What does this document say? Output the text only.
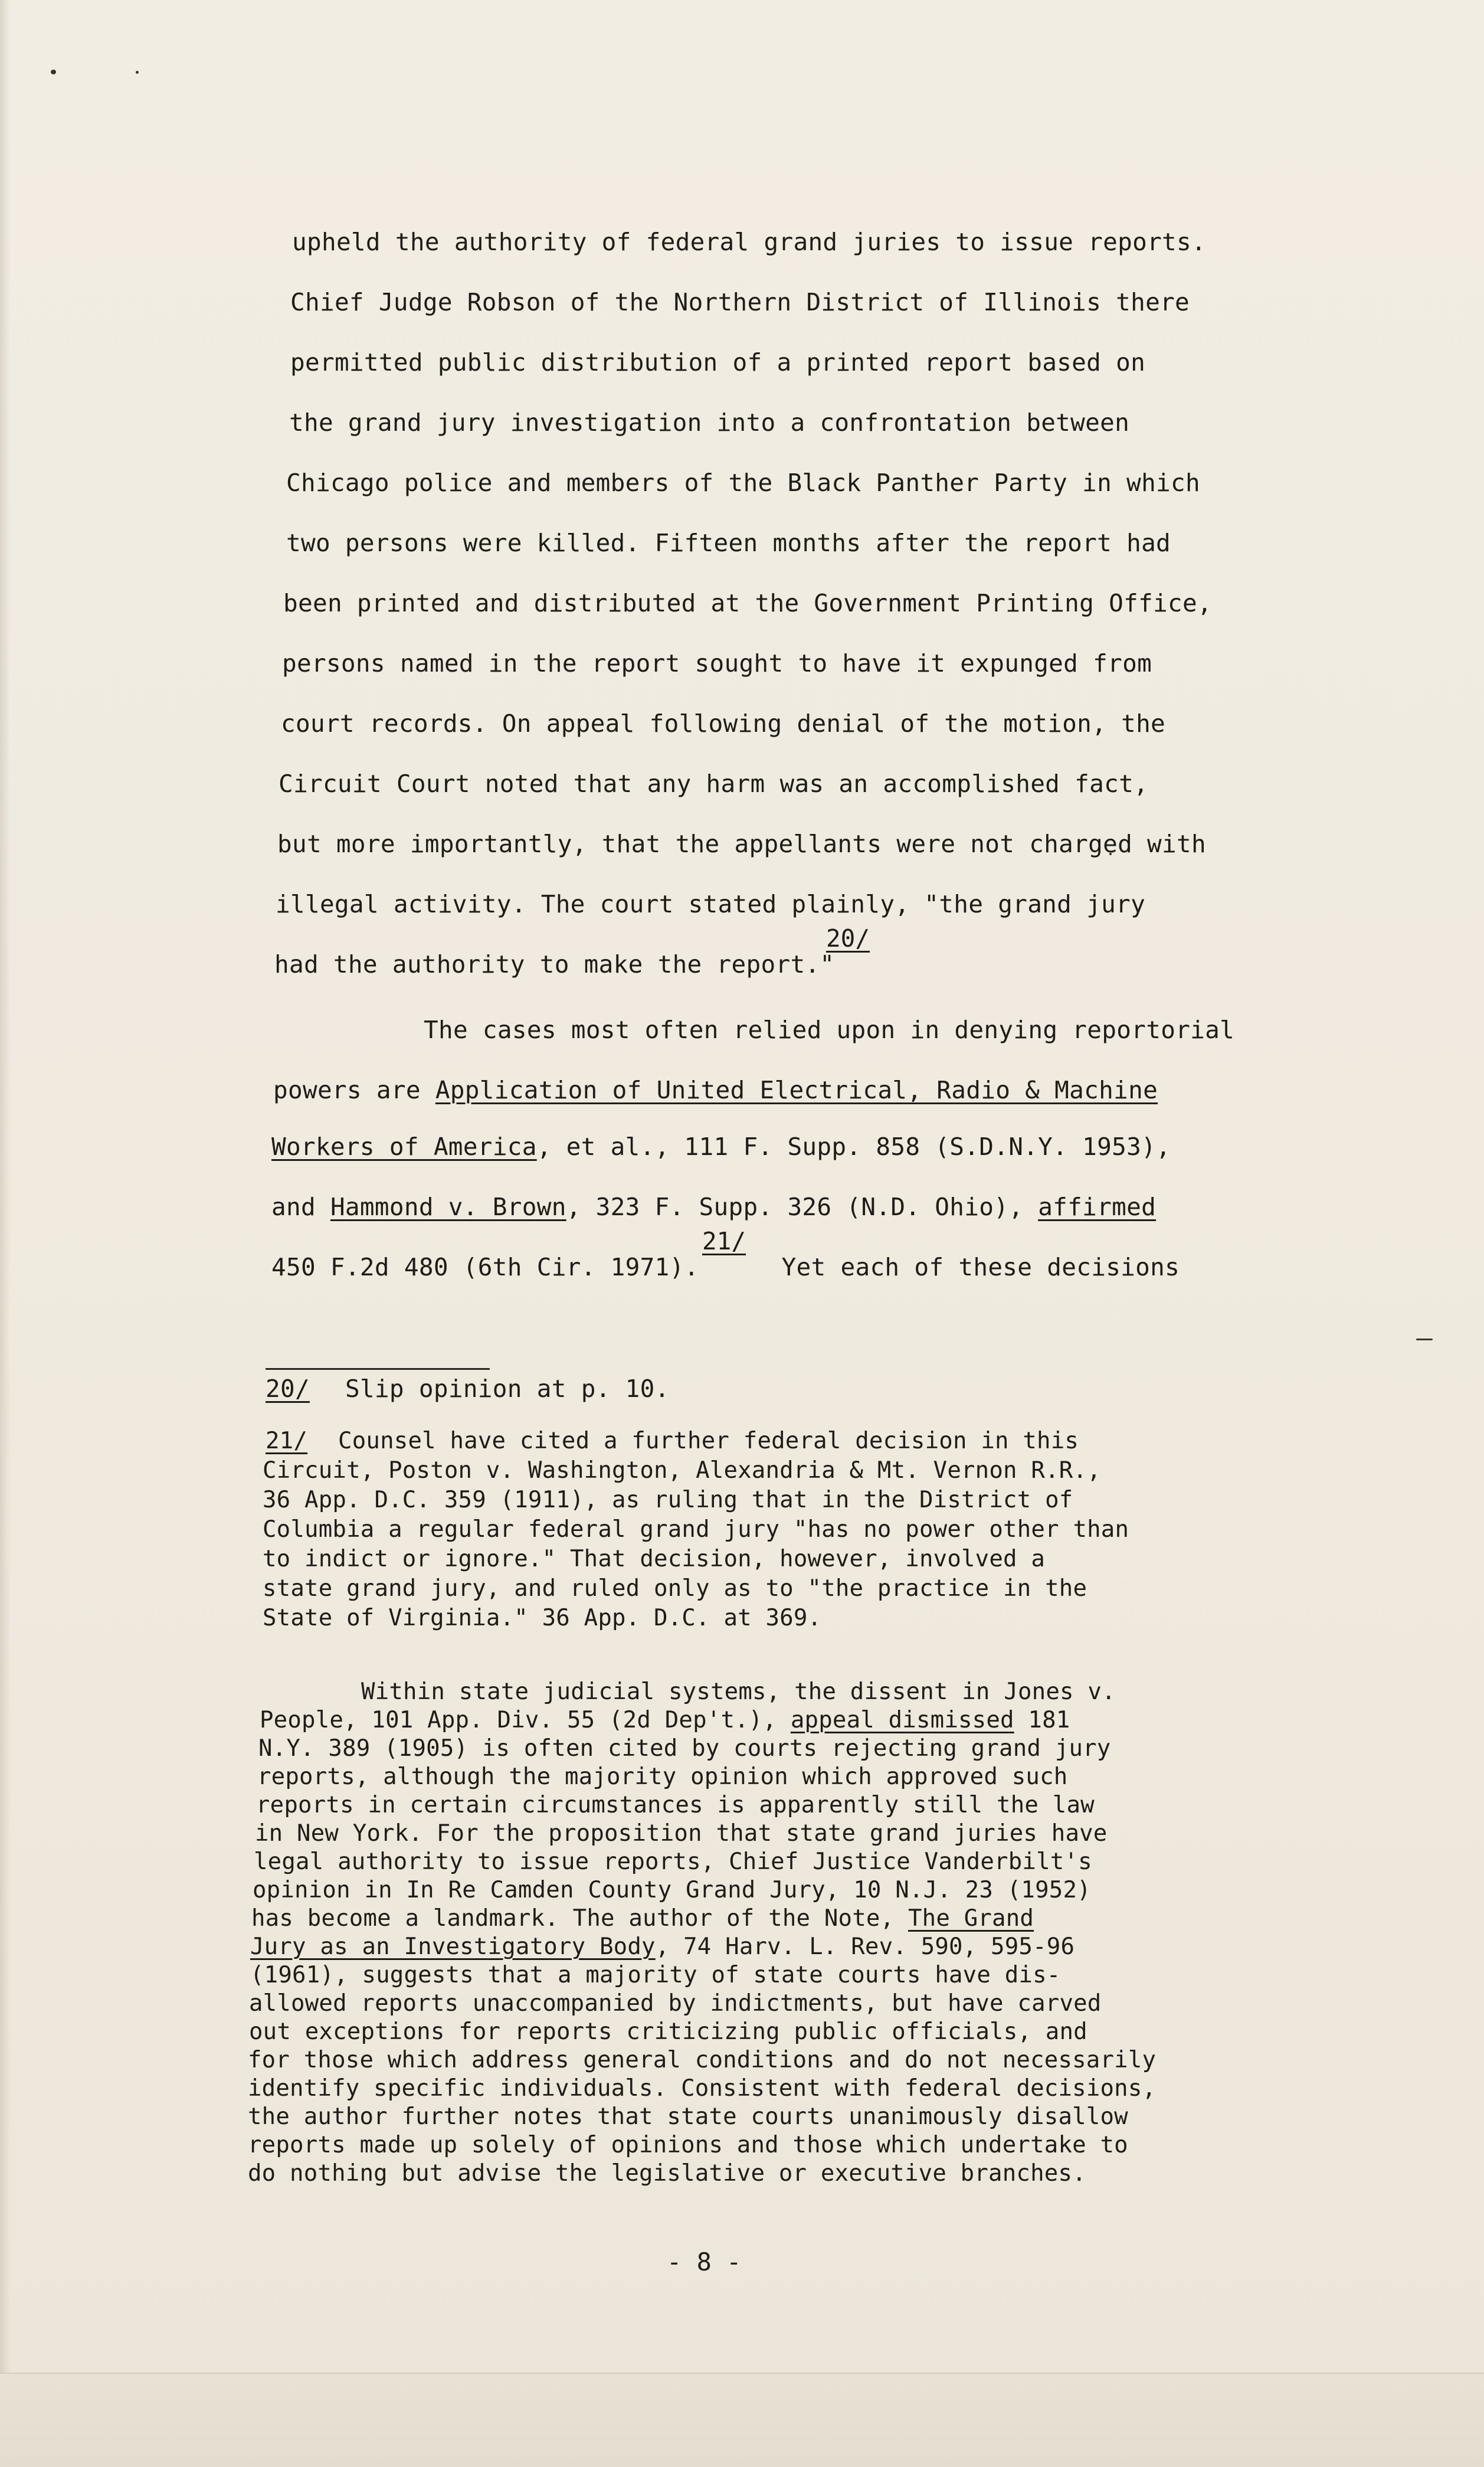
upheld the authority of federal grand juries to issue reports.
Chief Judge Robson of the Northern District of Illinois there
permitted public distribution of a printed report based on
the grand jury investigation into a confrontation between
Chicago police and members of the Black Panther Party in which
two persons were killed. Fifteen months after the report had
been printed and distributed at the Government Printing Office,
persons named in the report sought to have it expunged from
court records. On appeal following denial of the motion, the
Circuit Court noted that any harm was an accomplished fact,
but more importantly, that the appellants were not charged with
illegal activity. The court stated plainly, "the grand jury
had the authority to make the report."
20/
The cases most often relied upon in denying reportorial
powers are Application of United Electrical, Radio & Machine
Workers of America, et al., 111 F. Supp. 858 (S.D.N.Y. 1953),
and Hammond v. Brown, 323 F. Supp. 326 (N.D. Ohio), affirmed
450 F.2d 480 (6th Cir. 1971).	Yet each of these decisions
21/
20/ Slip opinion at p. 10.
21/ Counsel have cited a further federal decision in this
Circuit, Poston v. Washington, Alexandria & Mt. Vernon R.R.,
36 App. D.C. 359 (1911), as ruling that in the District of
Columbia a regular federal grand jury "has no power other than
to indict or ignore." That decision, however, involved a
state grand jury, and ruled only as to "the practice in the
State of Virginia." 36 App. D.C. at 369.
Within state judicial systems, the dissent in Jones v.
People, 101 App. Div. 55 (2d Dep't.), appeal dismissed 181
N.Y. 389 (1905) is often cited by courts rejecting grand jury
reports, although the majority opinion which approved such
reports in certain circumstances is apparently still the law
in New York. For the proposition that state grand juries have
legal authority to issue reports, Chief Justice Vanderbilt's
opinion in In Re Camden County Grand Jury, 10 N.J. 23 (1952)
has become a landmark. The author of the Note, The Grand
Jury as an Investigatory Body, 74 Harv. L. Rev. 590, 595-96
(1961), suggests that a majority of state courts have dis-
allowed reports unaccompanied by indictments, but have carved
out exceptions for reports criticizing public officials, and
for those which address general conditions and do not necessarily
identify specific individuals. Consistent with federal decisions,
the author further notes that state courts unanimously disallow
reports made up solely of opinions and those which undertake to
do nothing but advise the legislative or executive branches.
- 8 -
